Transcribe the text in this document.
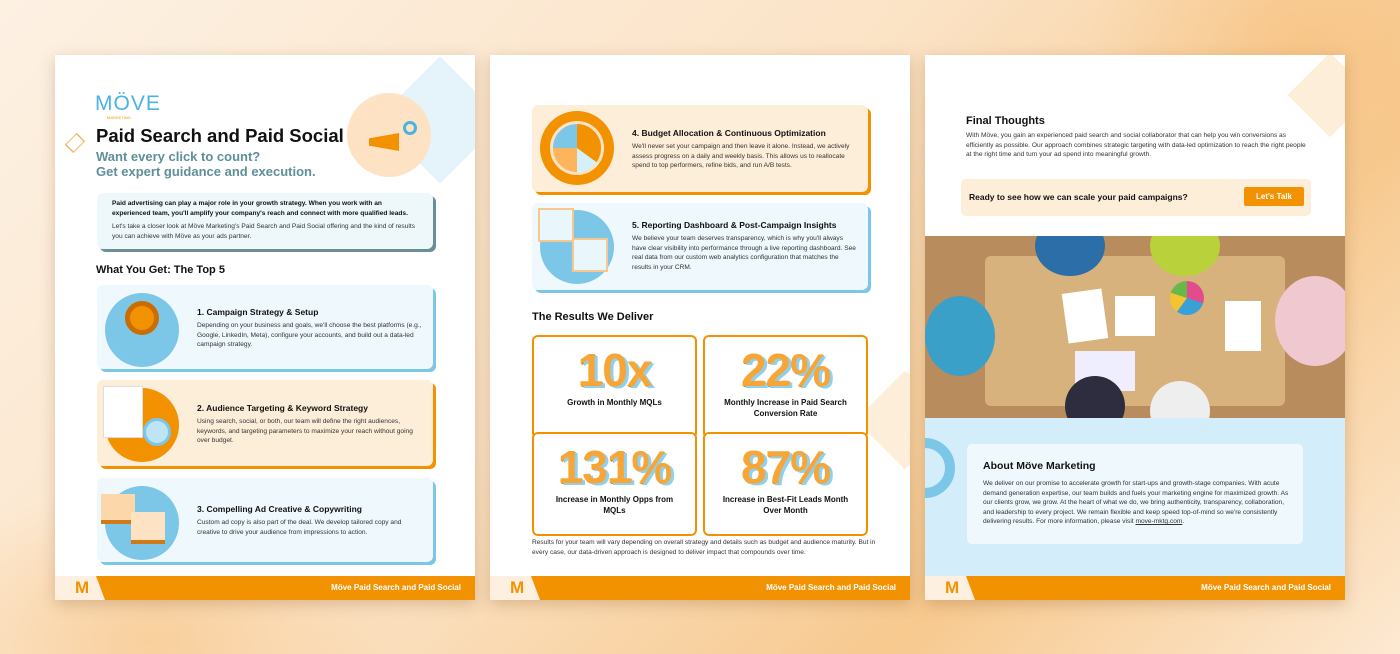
MÖVE
MARKETING
Paid Search and Paid Social
Want every click to count?
Get expert guidance and execution.

Paid advertising can play a major role in your growth strategy. When you work with an experienced team, you'll amplify your company's reach and connect with more qualified leads.

Let's take a closer look at Möve Marketing's Paid Search and Paid Social offering and the kind of results you can achieve with Möve as your ads partner.

What You Get: The Top 5
1. Campaign Strategy & Setup

Depending on your business and goals, we'll choose the best platforms (e.g., Google, LinkedIn, Meta), configure your accounts, and build out a data-led campaign strategy.

2. Audience Targeting & Keyword Strategy

Using search, social, or both, our team will define the right audiences, keywords, and targeting parameters to maximize your reach without going over budget.

3. Compelling Ad Creative & Copywriting

Custom ad copy is also part of the deal. We develop tailored copy and creative to drive your audience from impressions to action.

M	Möve Paid Search and Paid Social
4. Budget Allocation & Continuous Optimization

We'll never set your campaign and then leave it alone. Instead, we actively assess progress on a daily and weekly basis. This allows us to reallocate spend to top performers, refine bids, and run A/B tests.

5. Reporting Dashboard & Post-Campaign Insights

We believe your team deserves transparency, which is why you'll always have clear visibility into performance through a live reporting dashboard. See real data from our custom web analytics configuration that matches the results in your CRM.

The Results We Deliver
10x
Growth in Monthly MQLs
22%
Monthly Increase in Paid Search Conversion Rate
131%
Increase in Monthly Opps from MQLs
87%
Increase in Best-Fit Leads Month Over Month

Results for your team will vary depending on overall strategy and details such as budget and audience maturity. But in every case, our data-driven approach is designed to deliver impact that compounds over time.

M	Möve Paid Search and Paid Social
Final Thoughts

With Möve, you gain an experienced paid search and social collaborator that can help you win conversions as efficiently as possible. Our approach combines strategic targeting with data-led optimization to reach the right people at the right time and turn your ad spend into meaningful growth.

Ready to see how we can scale your paid campaigns?	Let's Talk
About Möve Marketing

We deliver on our promise to accelerate growth for start-ups and growth-stage companies. With acute demand generation expertise, our team builds and fuels your marketing engine for maximized growth. As our clients grow, we grow. At the heart of what we do, we bring authenticity, transparency, collaboration, and leadership to every project. We remain flexible and keep speed top-of-mind so we're consistently delivering results. For more information, please visit move-mktg.com.

M	Möve Paid Search and Paid Social
